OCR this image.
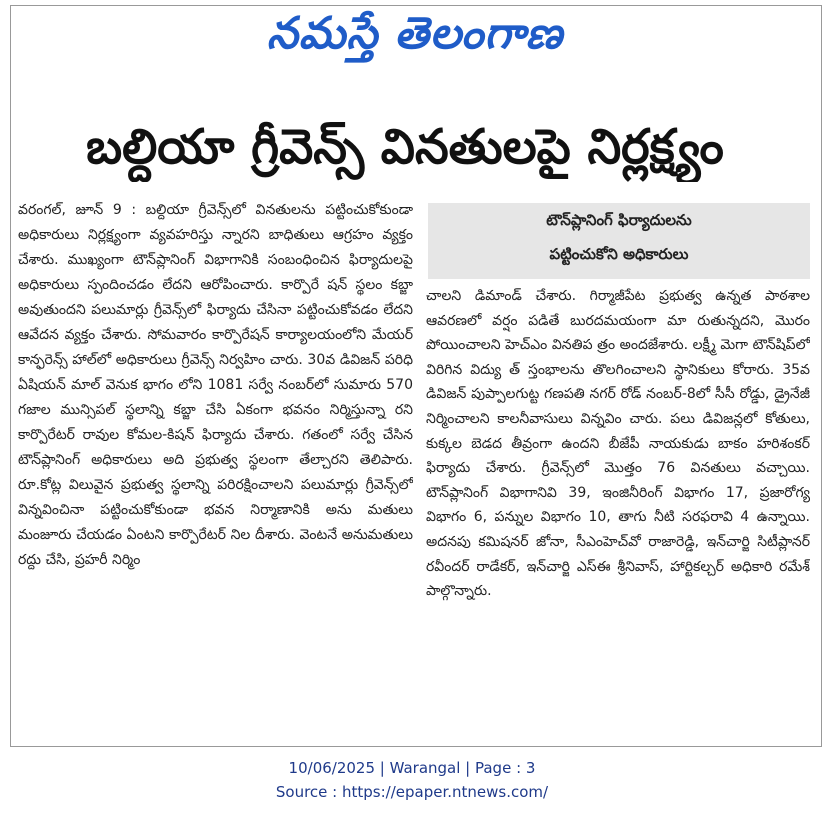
నమస్తే తెలంగాణ
బల్దియా గ్రీవెన్స్ వినతులపై నిర్లక్ష్యం

వరంగల్, జూన్ 9 : బల్దియా గ్రీవెన్స్‌లో వినతులను పట్టించుకోకుండా అధికారులు నిర్లక్ష్యంగా వ్యవహరిస్తు న్నారని బాధితులు ఆగ్రహం వ్యక్తం చేశారు. ముఖ్యంగా టౌన్‌ప్లానింగ్ విభాగానికి సంబంధించిన ఫిర్యాదులపై అధికారులు స్పందించడం లేదని ఆరోపించారు. కార్పొరే షన్ స్థలం కబ్జా అవుతుందని పలుమార్లు గ్రీవెన్స్‌లో ఫిర్యాదు చేసినా పట్టించుకోవడం లేదని ఆవేదన వ్యక్తం చేశారు. సోమవారం కార్పొరేషన్ కార్యాలయంలోని మేయర్ కాన్ఫరెన్స్ హాల్‌లో అధికారులు గ్రీవెన్స్ నిర్వహిం చారు. 30వ డివిజన్ పరిధి ఏషియన్ మాల్ వెనుక భాగం లోని 1081 సర్వే నంబర్‌లో సుమారు 570 గజాల మున్సిపల్ స్థలాన్ని కబ్జా చేసి ఏకంగా భవనం నిర్మిస్తున్నా రని కార్పొరేటర్ రావుల కోమల-కిషన్ ఫిర్యాదు చేశారు. గతంలో సర్వే చేసిన టౌన్‌ప్లానింగ్ అధికారులు అది ప్రభుత్వ స్థలంగా తేల్చారని తెలిపారు. రూ.కోట్ల విలువైన ప్రభుత్వ స్థలాన్ని పరిరక్షించాలని పలుమార్లు గ్రీవెన్స్‌లో విన్నవించినా పట్టించుకోకుండా భవన నిర్మాణానికి అను మతులు మంజూరు చేయడం ఏంటని కార్పొరేటర్ నిల దీశారు. వెంటనే అనుమతులు రద్దు చేసి, ప్రహరీ నిర్మిం

టౌన్‌ప్లానింగ్ ఫిర్యాదులను
పట్టించుకోని అధికారులు

చాలని డిమాండ్ చేశారు. గిర్మాజీపేట ప్రభుత్వ ఉన్నత పాఠశాల ఆవరణలో వర్షం పడితే బురదమయంగా మా రుతున్నదని, మొరం పోయించాలని హెచ్ఎం వినతిప త్రం అందజేశారు. లక్ష్మీ మెగా టౌన్‌షిప్‌లో విరిగిన విద్యు త్ స్తంభాలను తొలగించాలని స్థానికులు కోరారు. 35వ డివిజన్ పుప్పాలగుట్ట గణపతి నగర్ రోడ్ నంబర్-8లో సీసీ రోడ్డు, డ్రైనేజీ నిర్మించాలని కాలనీవాసులు విన్నవిం చారు. పలు డివిజన్లలో కోతులు, కుక్కల బెడద తీవ్రంగా ఉందని బీజేపీ నాయకుడు బాకం హరిశంకర్ ఫిర్యాదు చేశారు. గ్రీవెన్స్‌లో మొత్తం 76 వినతులు వచ్చాయి. టౌన్‌ప్లానింగ్ విభాగానివి 39, ఇంజినీరింగ్ విభాగం 17, ప్రజారోగ్య విభాగం 6, పన్నుల విభాగం 10, తాగు నీటి సరఫరావి 4 ఉన్నాయి. అదనపు కమిషనర్ జోనా, సీఎంహెచ్‌వో రాజారెడ్డి, ఇన్‌చార్జి సిటీప్లానర్ రవీందర్ రాడేకర్, ఇన్‌చార్జి ఎస్ఈ శ్రీనివాస్, హార్టికల్చర్ అధికారి రమేశ్ పాల్గొన్నారు.

10/06/2025 | Warangal | Page : 3
Source : https://epaper.ntnews.com/
